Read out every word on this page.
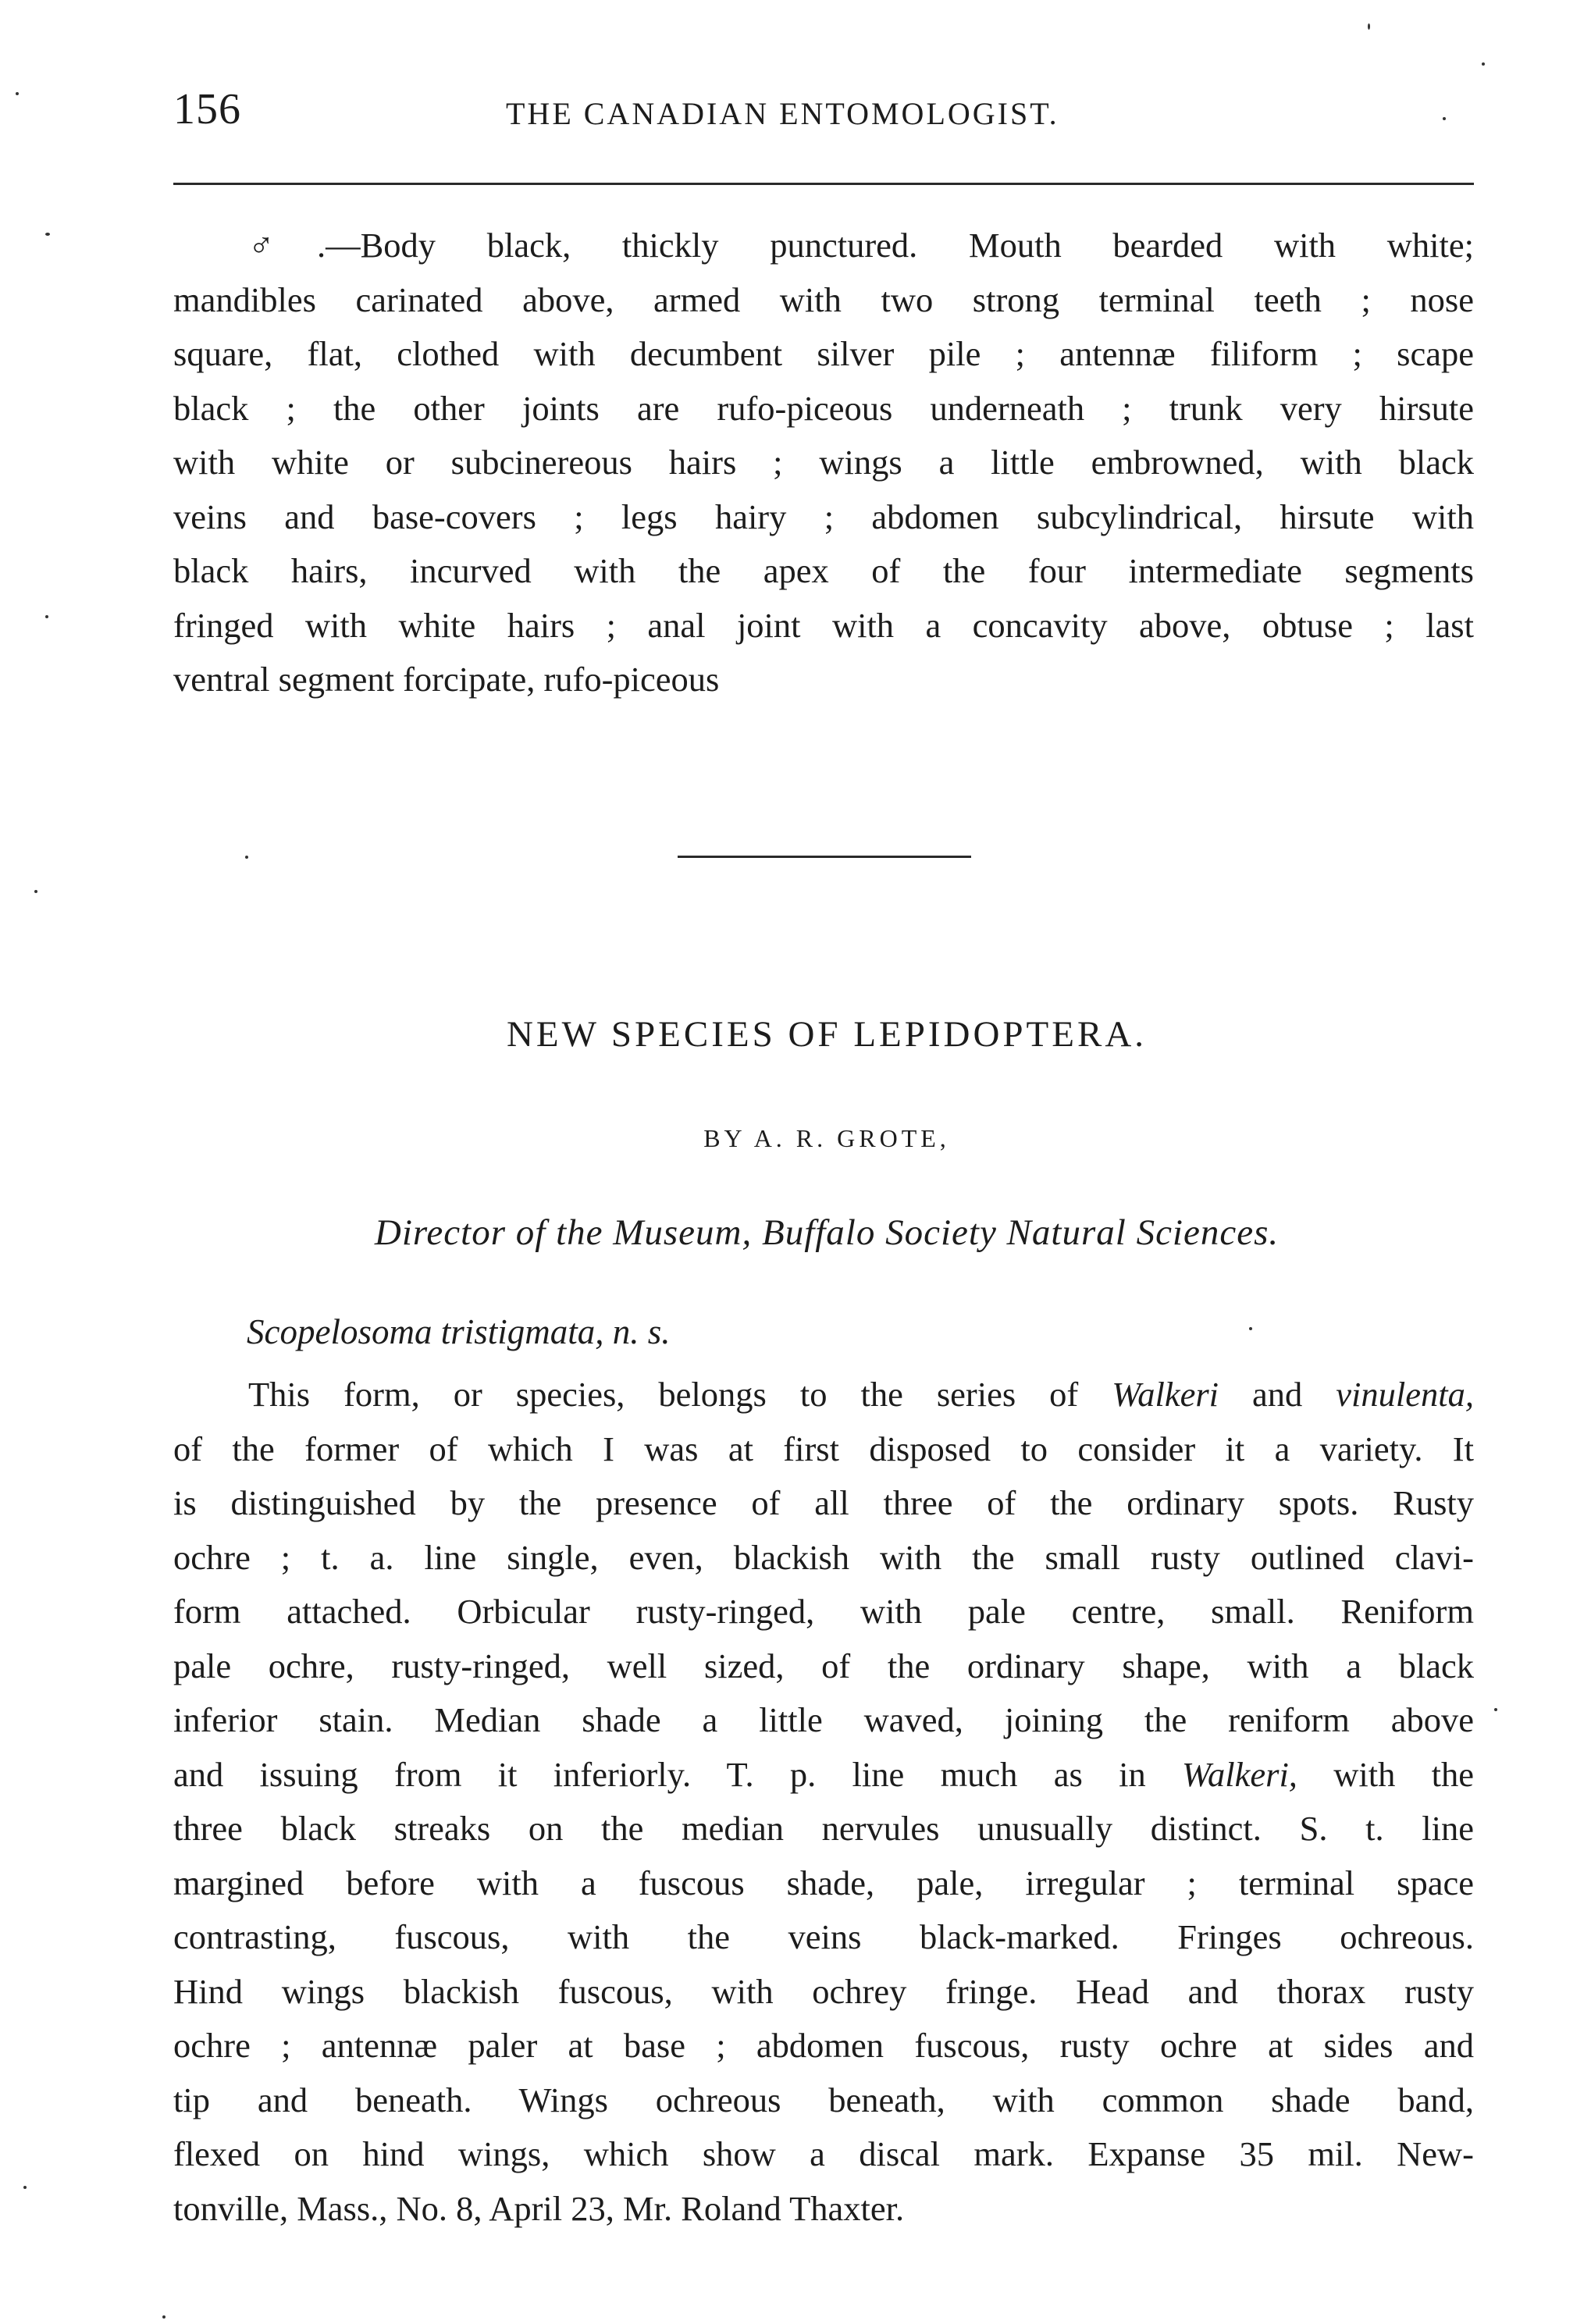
156	THE CANADIAN ENTOMOLOGIST.
♂.—Body black, thickly punctured. Mouth bearded with white;
mandibles carinated above, armed with two strong terminal teeth ; nose
square, flat, clothed with decumbent silver pile ; antennæ filiform ; scape
black ; the other joints are rufo-piceous underneath ; trunk very hirsute
with white or subcinereous hairs ; wings a little embrowned, with black
veins and base-covers ; legs hairy ; abdomen subcylindrical, hirsute with
black hairs, incurved with the apex of the four intermediate segments
fringed with white hairs ; anal joint with a concavity above, obtuse ; last
ventral segment forcipate, rufo-piceous
NEW SPECIES OF LEPIDOPTERA.
BY A. R. GROTE,
Director of the Museum, Buffalo Society Natural Sciences.
Scopelosoma tristigmata, n. s.
This form, or species, belongs to the series of Walkeri and vinulenta,
of the former of which I was at first disposed to consider it a variety. It
is distinguished by the presence of all three of the ordinary spots. Rusty
ochre ; t. a. line single, even, blackish with the small rusty outlined clavi-
form attached. Orbicular rusty-ringed, with pale centre, small. Reniform
pale ochre, rusty-ringed, well sized, of the ordinary shape, with a black
inferior stain. Median shade a little waved, joining the reniform above
and issuing from it inferiorly. T. p. line much as in Walkeri, with the
three black streaks on the median nervules unusually distinct. S. t. line
margined before with a fuscous shade, pale, irregular ; terminal space
contrasting, fuscous, with the veins black-marked. Fringes ochreous.
Hind wings blackish fuscous, with ochrey fringe. Head and thorax rusty
ochre ; antennæ paler at base ; abdomen fuscous, rusty ochre at sides and
tip and beneath. Wings ochreous beneath, with common shade band,
flexed on hind wings, which show a discal mark. Expanse 35 mil. New-
tonville, Mass., No. 8, April 23, Mr. Roland Thaxter.
